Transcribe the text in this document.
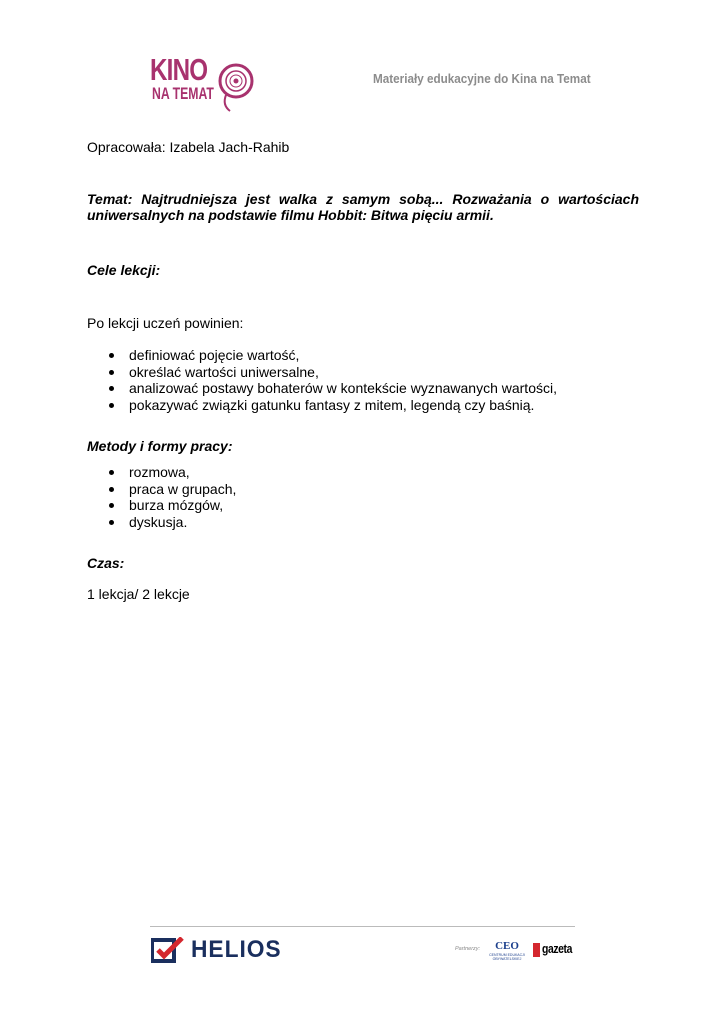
KINO
NA TEMAT
Materiały edukacyjne do Kina na Temat
Opracowała: Izabela Jach-Rahib
Temat: Najtrudniejsza jest walka z samym sobą... Rozważania o wartościach uniwersalnych na podstawie filmu Hobbit: Bitwa pięciu armii.
Cele lekcji:
Po lekcji uczeń powinien:
definiować pojęcie wartość,
określać wartości uniwersalne,
analizować postawy bohaterów w kontekście wyznawanych wartości,
pokazywać związki gatunku fantasy z mitem, legendą czy baśnią.
Metody i formy pracy:
rozmowa,
praca w grupach,
burza mózgów,
dyskusja.
Czas:
1 lekcja/ 2 lekcje
HELIOS	Partnerzy:	CEO
CENTRUM EDUKACJI OBYWATELSKIEJ
gazeta
